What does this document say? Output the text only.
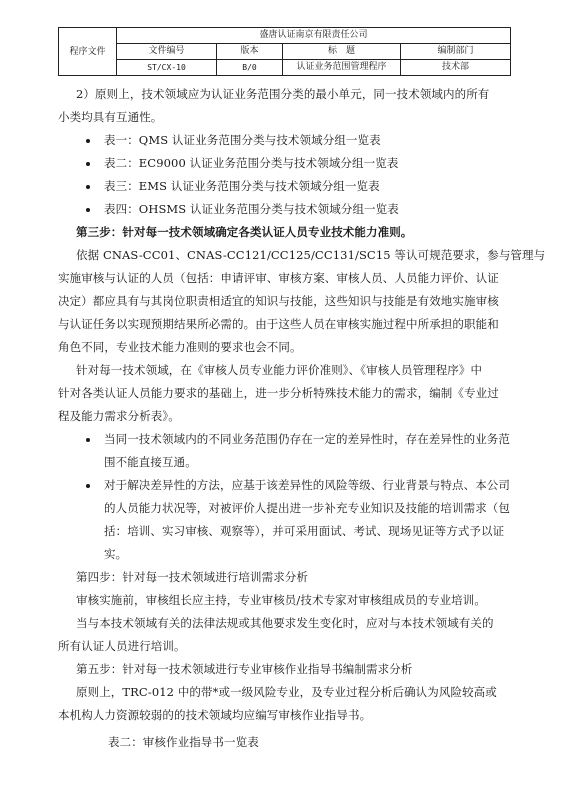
程序文件	盛唐认证南京有限责任公司			
	文件编号	版本	标　题	编制部门
	ST/CX-10	B/0	认证业务范围管理程序	技术部
2）原则上，技术领域应为认证业务范围分类的最小单元，同一技术领域内的所有
小类均具有互通性。
表一：QMS 认证业务范围分类与技术领域分组一览表
表二：EC9000 认证业务范围分类与技术领域分组一览表
表三：EMS 认证业务范围分类与技术领域分组一览表
表四：OHSMS 认证业务范围分类与技术领域分组一览表
第三步：针对每一技术领域确定各类认证人员专业技术能力准则。
依据 CNAS-CC01、CNAS-CC121/CC125/CC131/SC15 等认可规范要求，参与管理与
实施审核与认证的人员（包括：申请评审、审核方案、审核人员、人员能力评价、认证
决定）都应具有与其岗位职责相适宜的知识与技能，这些知识与技能是有效地实施审核
与认证任务以实现预期结果所必需的。由于这些人员在审核实施过程中所承担的职能和
角色不同，专业技术能力准则的要求也会不同。
针对每一技术领域，在《审核人员专业能力评价准则》、《审核人员管理程序》中
针对各类认证人员能力要求的基础上，进一步分析特殊技术能力的需求，编制《专业过
程及能力需求分析表》。
当同一技术领域内的不同业务范围仍存在一定的差异性时，存在差异性的业务范
围不能直接互通。
对于解决差异性的方法，应基于该差异性的风险等级、行业背景与特点、本公司
的人员能力状况等，对被评价人提出进一步补充专业知识及技能的培训需求（包
括：培训、实习审核、观察等），并可采用面试、考试、现场见证等方式予以证
实。
第四步：针对每一技术领域进行培训需求分析
审核实施前，审核组长应主持，专业审核员/技术专家对审核组成员的专业培训。
当与本技术领域有关的法律法规或其他要求发生变化时，应对与本技术领域有关的
所有认证人员进行培训。
第五步：针对每一技术领域进行专业审核作业指导书编制需求分析
原则上，TRC-012 中的带*或一级风险专业，及专业过程分析后确认为风险较高或
本机构人力资源较弱的的技术领域均应编写审核作业指导书。
表二：审核作业指导书一览表
